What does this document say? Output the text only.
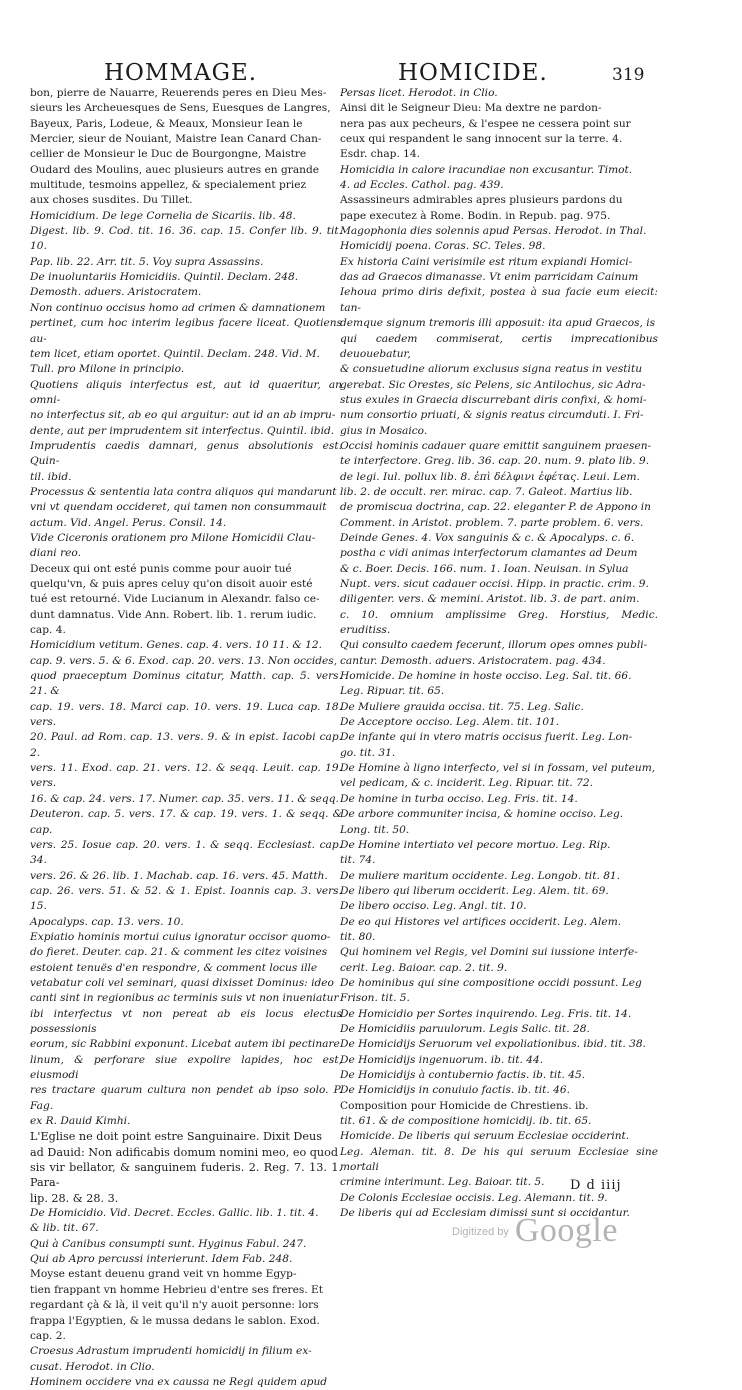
HOMMAGE.	HOMICIDE.	319

bon, pierre de Nauarre, Reuerends peres en Dieu Mes-

sieurs les Archeuesques de Sens, Euesques de Langres,

Bayeux, Paris, Lodeue, & Meaux, Monsieur Iean le

Mercier, sieur de Nouiant, Maistre Iean Canard Chan-

cellier de Monsieur le Duc de Bourgongne, Maistre

Oudard des Moulins, auec plusieurs autres en grande

multitude, tesmoins appellez, & specialement priez

aux choses susdites. Du Tillet.

Homicidium. De lege Cornelia de Sicariis. lib. 48.

Digest. lib. 9. Cod. tit. 16. 36. cap. 15. Confer lib. 9. tit. 10.

Pap. lib. 22. Arr. tit. 5. Voy supra Assassins.

De inuoluntariis Homicidiis. Quintil. Declam. 248.

Demosth. aduers. Aristocratem.

Non continuo occisus homo ad crimen & damnationem

pertinet, cum hoc interim legibus facere liceat. Quotiens au-

tem licet, etiam oportet. Quintil. Declam. 248. Vid. M.

Tull. pro Milone in principio.

Quotiens aliquis interfectus est, aut id quaeritur, an omni-

no interfectus sit, ab eo qui arguitur: aut id an ab impru-

dente, aut per imprudentem sit interfectus. Quintil. ibid.

Imprudentis caedis damnari, genus absolutionis est. Quin-

til. ibid.

Processus & sententia lata contra aliquos qui mandarunt

vni vt quendam occideret, qui tamen non consummauit

actum. Vid. Angel. Perus. Consil. 14.

Vide Ciceronis orationem pro Milone Homicidii Clau-

diani reo.

Deceux qui ont esté punis comme pour auoir tué

quelqu'vn, & puis apres celuy qu'on disoit auoir esté

tué est retourné. Vide Lucianum in Alexandr. falso ce-

dunt damnatus. Vide Ann. Robert. lib. 1. rerum iudic.

cap. 4.

Homicidium vetitum. Genes. cap. 4. vers. 10 11. & 12.

cap. 9. vers. 5. & 6. Exod. cap. 20. vers. 13. Non occides,

quod praeceptum Dominus citatur, Matth. cap. 5. vers. 21. &

cap. 19. vers. 18. Marci cap. 10. vers. 19. Luca cap. 18. vers.

20. Paul. ad Rom. cap. 13. vers. 9. & in epist. Iacobi cap. 2.

vers. 11. Exod. cap. 21. vers. 12. & seqq. Leuit. cap. 19. vers.

16. & cap. 24. vers. 17. Numer. cap. 35. vers. 11. & seqq.

Deuteron. cap. 5. vers. 17. & cap. 19. vers. 1. & seqq. & cap.

vers. 25. Iosue cap. 20. vers. 1. & seqq. Ecclesiast. cap. 34.

vers. 26. & 26. lib. 1. Machab. cap. 16. vers. 45. Matth.

cap. 26. vers. 51. & 52. & 1. Epist. Ioannis cap. 3. vers. 15.

Apocalyps. cap. 13. vers. 10.

Expiatio hominis mortui cuius ignoratur occisor quomo-

do fieret. Deuter. cap. 21. & comment les citez voisines

estoient tenuës d'en respondre, & comment locus ille

vetabatur coli vel seminari, quasi dixisset Dominus: ideo

canti sint in regionibus ac terminis suis vt non inueniatur

ibi interfectus vt non pereat ab eis locus electus possessionis

eorum, sic Rabbini exponunt. Licebat autem ibi pectinare

linum, & perforare siue expolire lapides, hoc est, eiusmodi

res tractare quarum cultura non pendet ab ipso solo. P. Fag.

ex R. Dauid Kimhi.

L'Eglise ne doit point estre Sanguinaire. Dixit Deus

ad Dauid: Non adificabis domum nomini meo, eo quod

sis vir bellator, & sanguinem fuderis. 2. Reg. 7. 13. 1. Para-

lip. 28. & 28. 3.

De Homicidio. Vid. Decret. Eccles. Gallic. lib. 1. tit. 4.

& lib. tit. 67.

Qui à Canibus consumpti sunt. Hyginus Fabul. 247.

Qui ab Apro percussi interierunt. Idem Fab. 248.

Moyse estant deuenu grand veit vn homme Egyp-

tien frappant vn homme Hebrieu d'entre ses freres. Et

regardant çà & là, il veit qu'il n'y auoit personne: lors

frappa l'Egyptien, & le mussa dedans le sablon. Exod.

cap. 2.

Croesus Adrastum imprudenti homicidij in filium ex-

cusat. Herodot. in Clio.

Hominem occidere vna ex caussa ne Regi quidem apud

Persas licet. Herodot. in Clio.

Ainsi dit le Seigneur Dieu: Ma dextre ne pardon-

nera pas aux pecheurs, & l'espee ne cessera point sur

ceux qui respandent le sang innocent sur la terre. 4.

Esdr. chap. 14.

Homicidia in calore iracundiae non excusantur. Timot.

4. ad Eccles. Cathol. pag. 439.

Assassineurs admirables apres plusieurs pardons du

pape executez à Rome. Bodin. in Repub. pag. 975.

Magophonia dies solennis apud Persas. Herodot. in Thal.

Homicidij poena. Coras. SC. Teles. 98.

Ex historia Caini verisimile est ritum expiandi Homici-

das ad Graecos dimanasse. Vt enim parricidam Cainum

Iehoua primo diris defixit, postea à sua facie eum eiecit: tan-

demque signum tremoris illi apposuit: ita apud Graecos, is

qui caedem commiserat, certis imprecationibus deuouebatur,

& consuetudine aliorum exclusus signa reatus in vestitu

gerebat. Sic Orestes, sic Pelens, sic Antilochus, sic Adra-

stus exules in Graecia discurrebant diris confixi, & homi-

num consortio priuati, & signis reatus circumduti. I. Fri-

gius in Mosaico.

Occisi hominis cadauer quare emittit sanguinem praesen-

te interfectore. Greg. lib. 36. cap. 20. num. 9. plato lib. 9.

de legi. Iul. pollux lib. 8. ἐπὶ δέλφινι ἐφέτας. Leui. Lem.

lib. 2. de occult. rer. mirac. cap. 7. Galeot. Martius lib.

de promiscua doctrina, cap. 22. eleganter P. de Appono in

Comment. in Aristot. problem. 7. parte problem. 6. vers.

Deinde Genes. 4. Vox sanguinis & c. & Apocalyps. c. 6.

postha c vidi animas interfectorum clamantes ad Deum

& c. Boer. Decis. 166. num. 1. Ioan. Neuisan. in Sylua

Nupt. vers. sicut cadauer occisi. Hipp. in practic. crim. 9.

diligenter. vers. & memini. Aristot. lib. 3. de part. anim.

c. 10. omnium amplissime Greg. Horstius, Medic. eruditiss.

Qui consulto caedem fecerunt, illorum opes omnes publi-

cantur. Demosth. aduers. Aristocratem. pag. 434.

Homicide. De homine in hoste occiso. Leg. Sal. tit. 66.

Leg. Ripuar. tit. 65.

De Muliere grauida occisa. tit. 75. Leg. Salic.

De Acceptore occiso. Leg. Alem. tit. 101.

De infante qui in vtero matris occisus fuerit. Leg. Lon-

go. tit. 31.

De Homine à ligno interfecto, vel si in fossam, vel puteum,

vel pedicam, & c. inciderit. Leg. Ripuar. tit. 72.

De homine in turba occiso. Leg. Fris. tit. 14.

De arbore communiter incisa, & homine occiso. Leg.

Long. tit. 50.

De Homine intertiato vel pecore mortuo. Leg. Rip.

tit. 74.

De muliere maritum occidente. Leg. Longob. tit. 81.

De libero qui liberum occiderit. Leg. Alem. tit. 69.

De libero occiso. Leg. Angl. tit. 10.

De eo qui Histores vel artifices occiderit. Leg. Alem.

tit. 80.

Qui hominem vel Regis, vel Domini sui iussione interfe-

cerit. Leg. Baioar. cap. 2. tit. 9.

De hominibus qui sine compositione occidi possunt. Leg

Frison. tit. 5.

De Homicidio per Sortes inquirendo. Leg. Fris. tit. 14.

De Homicidiis paruulorum. Legis Salic. tit. 28.

De Homicidijs Seruorum vel expoliationibus. ibid. tit. 38.

De Homicidijs ingenuorum. ib. tit. 44.

De Homicidijs à contubernio factis. ib. tit. 45.

De Homicidijs in conuiuio factis. ib. tit. 46.

Composition pour Homicide de Chrestiens. ib.

tit. 61. & de compositione homicidij. ib. tit. 65.

Homicide. De liberis qui seruum Ecclesiae occiderint.

Leg. Aleman. tit. 8. De his qui seruum Ecclesiae sine mortali

crimine interimunt. Leg. Baioar. tit. 5.

De Colonis Ecclesiae occisis. Leg. Alemann. tit. 9.

De liberis qui ad Ecclesiam dimissi sunt si occidantur.

D d iiij
Digitized by Google
